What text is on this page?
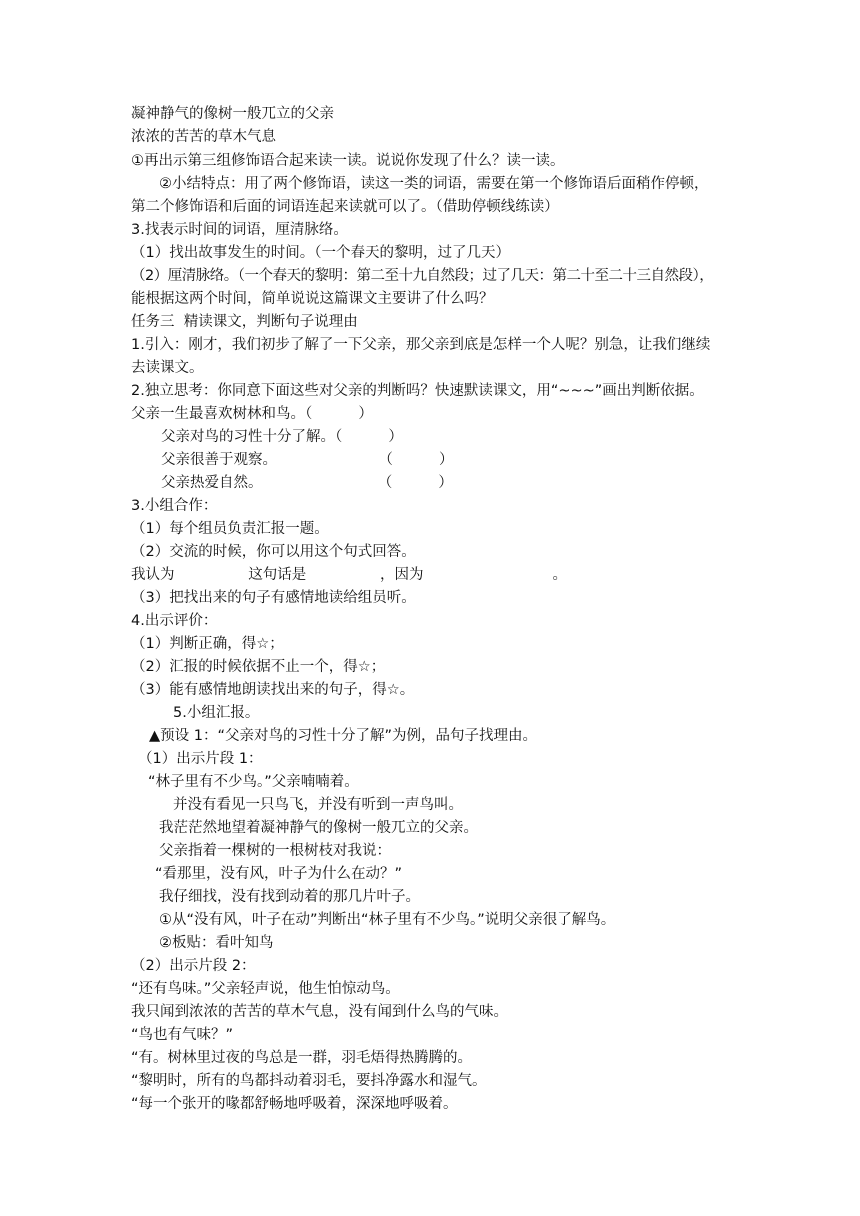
凝神静气的像树一般兀立的父亲
浓浓的苦苦的草木气息
①再出示第三组修饰语合起来读一读。说说你发现了什么？读一读。
②小结特点：用了两个修饰语，读这一类的词语，需要在第一个修饰语后面稍作停顿，
第二个修饰语和后面的词语连起来读就可以了。（借助停顿线练读）
3.找表示时间的词语，厘清脉络。
（1）找出故事发生的时间。（一个春天的黎明，过了几天）
（2）厘清脉络。（一个春天的黎明：第二至十九自然段；过了几天：第二十至二十三自然段），
能根据这两个时间，简单说说这篇课文主要讲了什么吗？
任务三  精读课文，判断句子说理由
1.引入：刚才，我们初步了解了一下父亲，那父亲到底是怎样一个人呢？别急，让我们继续
去读课文。
2.独立思考：你同意下面这些对父亲的判断吗？快速默读课文，用“~~~”画出判断依据。
父亲一生最喜欢树林和鸟。（          ）
父亲对鸟的习性十分了解。（          ）
父亲很善于观察。                      （          ）
父亲热爱自然。                         （          ）
3.小组合作：
（1）每个组员负责汇报一题。
（2）交流的时候，你可以用这个句式回答。
我认为                这句话是                ，因为                            。
（3）把找出来的句子有感情地读给组员听。
4.出示评价：
（1）判断正确，得☆；
（2）汇报的时候依据不止一个，得☆；
（3）能有感情地朗读找出来的句子，得☆。
5.小组汇报。
▲预设 1：“父亲对鸟的习性十分了解”为例，品句子找理由。
（1）出示片段 1：
“林子里有不少鸟。”父亲喃喃着。
并没有看见一只鸟飞，并没有听到一声鸟叫。
我茫茫然地望着凝神静气的像树一般兀立的父亲。
父亲指着一棵树的一根树枝对我说：
“看那里，没有风，叶子为什么在动？”
我仔细找，没有找到动着的那几片叶子。
①从“没有风，叶子在动”判断出“林子里有不少鸟。”说明父亲很了解鸟。
②板贴：看叶知鸟
（2）出示片段 2：
“还有鸟味。”父亲轻声说，他生怕惊动鸟。
我只闻到浓浓的苦苦的草木气息，没有闻到什么鸟的气味。
“鸟也有气味？”
“有。树林里过夜的鸟总是一群，羽毛焐得热腾腾的。
“黎明时，所有的鸟都抖动着羽毛，要抖净露水和湿气。
“每一个张开的喙都舒畅地呼吸着，深深地呼吸着。
